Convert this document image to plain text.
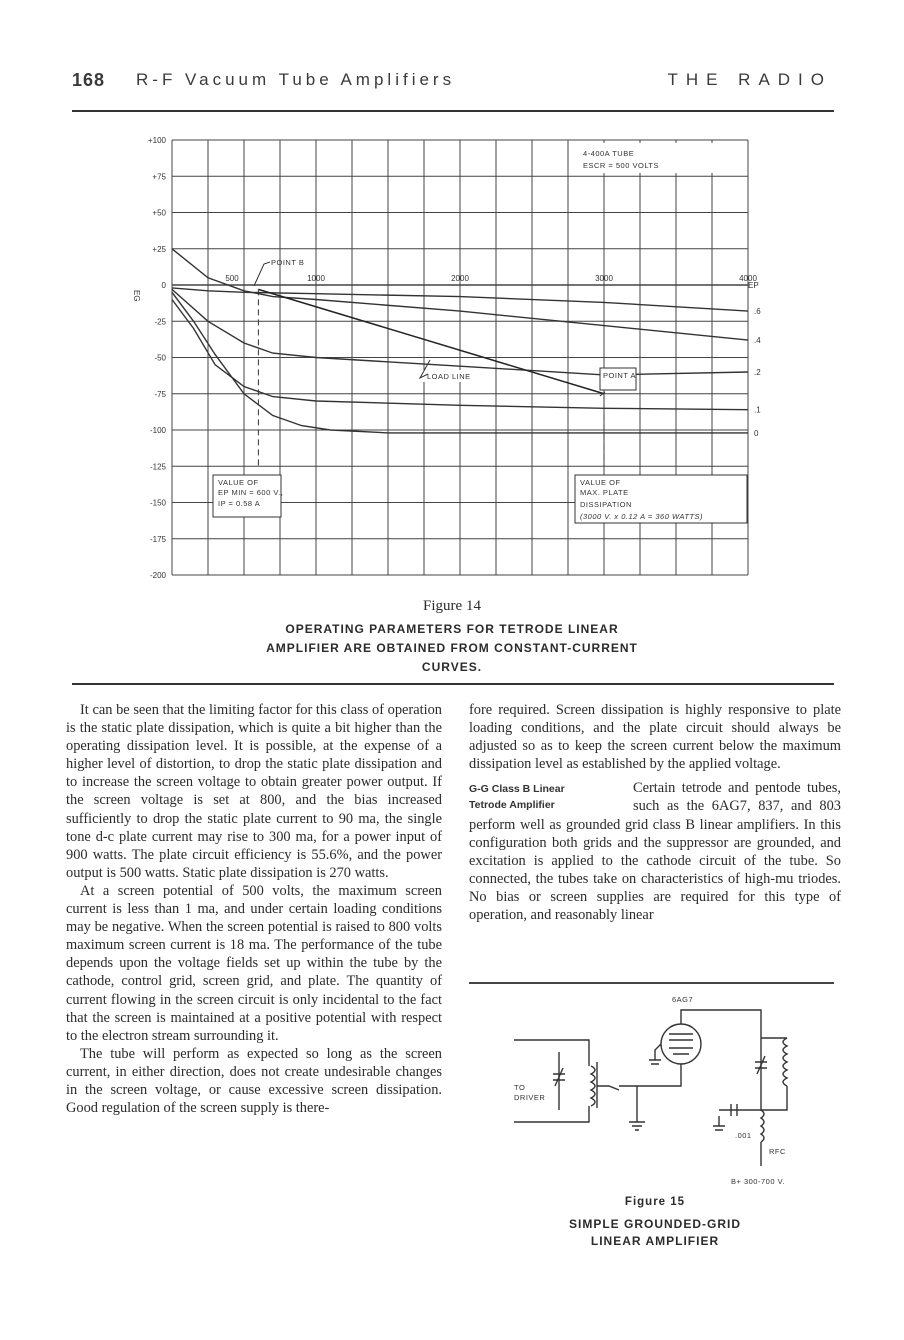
168 R-F Vacuum Tube Amplifiers	THE RADIO
+100
+75
+50
+25
0
-25
-50
-75
-100
-125
-150
-175
-200
500	1000	2000	3000	4000
.6
.4
.2
.1
0
4-400A TUBE
ESCR = 500 VOLTS
EG
EP
POINT B
POINT A
LOAD LINE
VALUE OF
EP MIN = 600 V.,
IP = 0.58 A
VALUE OF
MAX. PLATE
DISSIPATION
(3000 V. x 0.12 A = 360 WATTS)
Figure 14
OPERATING PARAMETERS FOR TETRODE LINEAR
AMPLIFIER ARE OBTAINED FROM CONSTANT-CURRENT
CURVES.

It can be seen that the limiting factor for this class of operation is the static plate dissipation, which is quite a bit higher than the operating dissipation level. It is possible, at the expense of a higher level of distortion, to drop the static plate dissipation and to increase the screen voltage to obtain greater power output. If the screen voltage is set at 800, and the bias increased sufficiently to drop the static plate current to 90 ma, the single tone d-c plate current may rise to 300 ma, for a power input of 900 watts. The plate circuit efficiency is 55.6%, and the power output is 500 watts. Static plate dissipation is 270 watts.

At a screen potential of 500 volts, the maximum screen current is less than 1 ma, and under certain loading conditions may be negative. When the screen potential is raised to 800 volts maximum screen current is 18 ma. The performance of the tube depends upon the voltage fields set up within the tube by the cathode, control grid, screen grid, and plate. The quantity of current flowing in the screen circuit is only incidental to the fact that the screen is maintained at a positive potential with respect to the electron stream surrounding it.

The tube will perform as expected so long as the screen current, in either direction, does not create undesirable changes in the screen voltage, or cause excessive screen dissipation. Good regulation of the screen supply is there-

fore required. Screen dissipation is highly responsive to plate loading conditions, and the plate circuit should always be adjusted so as to keep the screen current below the maximum dissipation level as established by the applied voltage.

G-G Class B Linear
Tetrode Amplifier

Certain tetrode and pentode tubes, such as the 6AG7, 837, and 803 perform well as grounded grid class B linear amplifiers. In this configuration both grids and the suppressor are grounded, and excitation is applied to the cathode circuit of the tube. So connected, the tubes take on characteristics of high-mu triodes. No bias or screen supplies are required for this type of operation, and reasonably linear

6AG7
TO
DRIVER
.001
RFC
B+ 300-700 V.
Figure 15
SIMPLE GROUNDED-GRID
LINEAR AMPLIFIER
